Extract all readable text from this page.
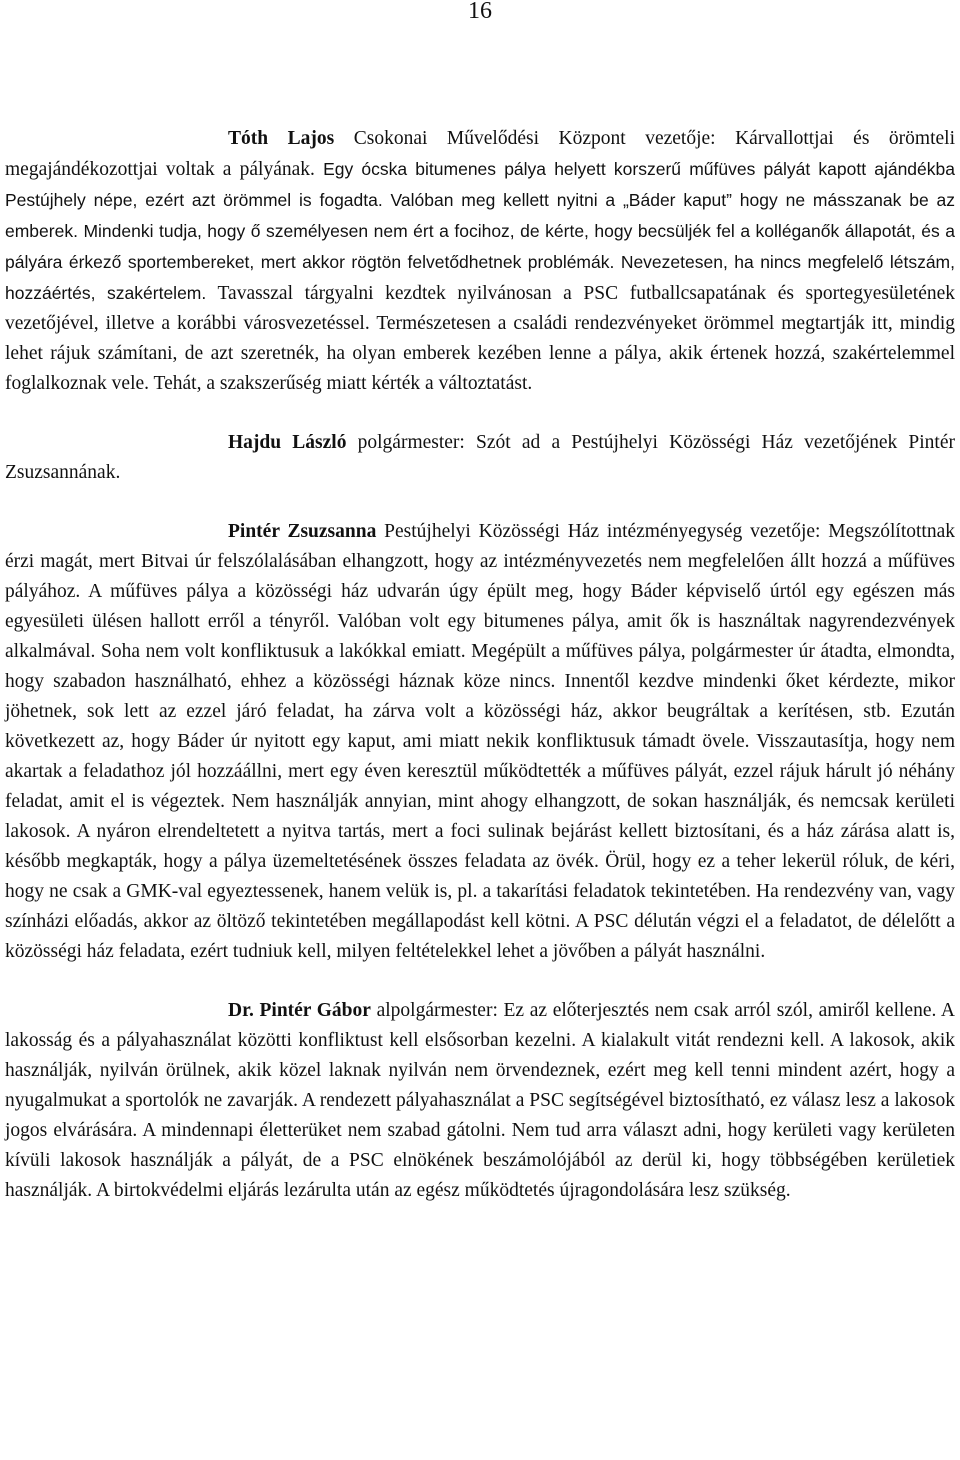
16

Tóth Lajos Csokonai Művelődési Központ vezetője: Kárvallottjai és örömteli megajándékozottjai voltak a pályának. Egy ócska bitumenes pálya helyett korszerű műfüves pályát kapott ajándékba Pestújhely népe, ezért azt örömmel is fogadta. Valóban meg kellett nyitni a „Báder kaput” hogy ne másszanak be az emberek. Mindenki tudja, hogy ő személyesen nem ért a focihoz, de kérte, hogy becsüljék fel a kolléganők állapotát, és a pályára érkező sportembereket, mert akkor rögtön felvetődhetnek problémák. Nevezetesen, ha nincs megfelelő létszám, hozzáértés, szakértelem. Tavasszal tárgyalni kezdtek nyilvánosan a PSC futballcsapatának és sportegyesületének vezetőjével, illetve a korábbi városvezetéssel. Természetesen a családi rendezvényeket örömmel megtartják itt, mindig lehet rájuk számítani, de azt szeretnék, ha olyan emberek kezében lenne a pálya, akik értenek hozzá, szakértelemmel foglalkoznak vele. Tehát, a szakszerűség miatt kérték a változtatást.

Hajdu László polgármester: Szót ad a Pestújhelyi Közösségi Ház vezetőjének Pintér Zsuzsannának.

Pintér Zsuzsanna Pestújhelyi Közösségi Ház intézményegység vezetője: Megszólítottnak érzi magát, mert Bitvai úr felszólalásában elhangzott, hogy az intézményvezetés nem megfelelően állt hozzá a műfüves pályához. A műfüves pálya a közösségi ház udvarán úgy épült meg, hogy Báder képviselő úrtól egy egészen más egyesületi ülésen hallott erről a tényről. Valóban volt egy bitumenes pálya, amit ők is használtak nagyrendezvények alkalmával. Soha nem volt konfliktusuk a lakókkal emiatt. Megépült a műfüves pálya, polgármester úr átadta, elmondta, hogy szabadon használható, ehhez a közösségi háznak köze nincs. Innentől kezdve mindenki őket kérdezte, mikor jöhetnek, sok lett az ezzel járó feladat, ha zárva volt a közösségi ház, akkor beugráltak a kerítésen, stb. Ezután következett az, hogy Báder úr nyitott egy kaput, ami miatt nekik konfliktusuk támadt övele. Visszautasítja, hogy nem akartak a feladathoz jól hozzáállni, mert egy éven keresztül működtették a műfüves pályát, ezzel rájuk hárult jó néhány feladat, amit el is végeztek. Nem használják annyian, mint ahogy elhangzott, de sokan használják, és nemcsak kerületi lakosok. A nyáron elrendeltetett a nyitva tartás, mert a foci sulinak bejárást kellett biztosítani, és a ház zárása alatt is, később megkapták, hogy a pálya üzemeltetésének összes feladata az övék. Örül, hogy ez a teher lekerül róluk, de kéri, hogy ne csak a GMK-val egyeztessenek, hanem velük is, pl. a takarítási feladatok tekintetében. Ha rendezvény van, vagy színházi előadás, akkor az öltöző tekintetében megállapodást kell kötni. A PSC délután végzi el a feladatot, de délelőtt a közösségi ház feladata, ezért tudniuk kell, milyen feltételekkel lehet a jövőben a pályát használni.

Dr. Pintér Gábor alpolgármester: Ez az előterjesztés nem csak arról szól, amiről kellene. A lakosság és a pályahasználat közötti konfliktust kell elsősorban kezelni. A kialakult vitát rendezni kell. A lakosok, akik használják, nyilván örülnek, akik közel laknak nyilván nem örvendeznek, ezért meg kell tenni mindent azért, hogy a nyugalmukat a sportolók ne zavarják. A rendezett pályahasználat a PSC segítségével biztosítható, ez válasz lesz a lakosok jogos elvárására. A mindennapi életterüket nem szabad gátolni. Nem tud arra választ adni, hogy kerületi vagy kerületen kívüli lakosok használják a pályát, de a PSC elnökének beszámolójából az derül ki, hogy többségében kerületiek használják. A birtokvédelmi eljárás lezárulta után az egész működtetés újragondolására lesz szükség.
